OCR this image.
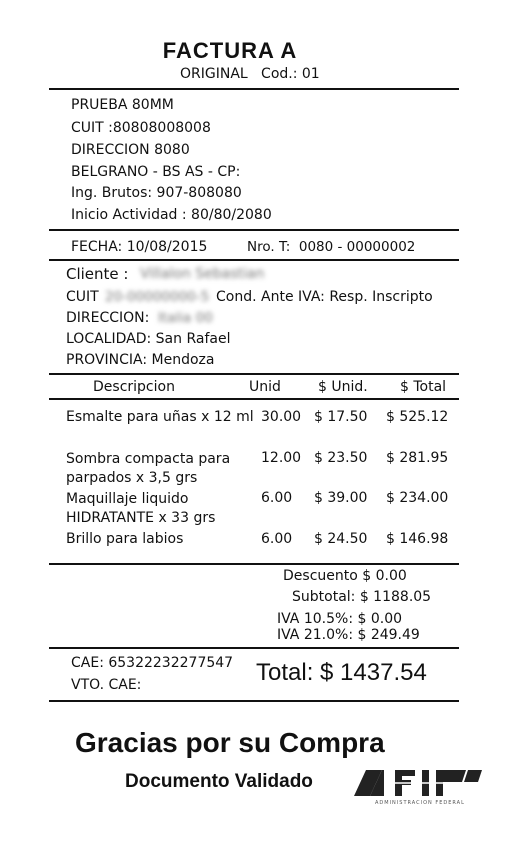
FACTURA A
ORIGINAL   Cod.: 01
PRUEBA 80MM
CUIT :80808008008
DIRECCION 8080
BELGRANO - BS AS - CP:
Ing. Brutos: 907-808080
Inicio Actividad : 80/80/2080
FECHA: 10/08/2015	Nro. T:  0080 - 00000002
Cliente : Villalon Sebastian
CUIT 20-00000000-5 Cond. Ante IVA: Resp. Inscripto
DIRECCION: Italia 00
LOCALIDAD: San Rafael
PROVINCIA: Mendoza
Descripcion	Unid	$ Unid. $ Total
Esmalte para uñas x 12 ml 30.00 $ 17.50 $ 525.12
Sombra compacta para
parpados x 3,5 grs
12.00 $ 23.50 $ 281.95
Maquillaje liquido
HIDRATANTE x 33 grs
6.00 $ 39.00 $ 234.00
Brillo para labios	6.00 $ 24.50 $ 146.98
Descuento $ 0.00
Subtotal: $ 1188.05
IVA 10.5%: $ 0.00
IVA 21.0%: $ 249.49
CAE: 65322232277547
VTO. CAE:	Total: $ 1437.54
Gracias por su Compra
Documento Validado
ADMINISTRACION FEDERAL
